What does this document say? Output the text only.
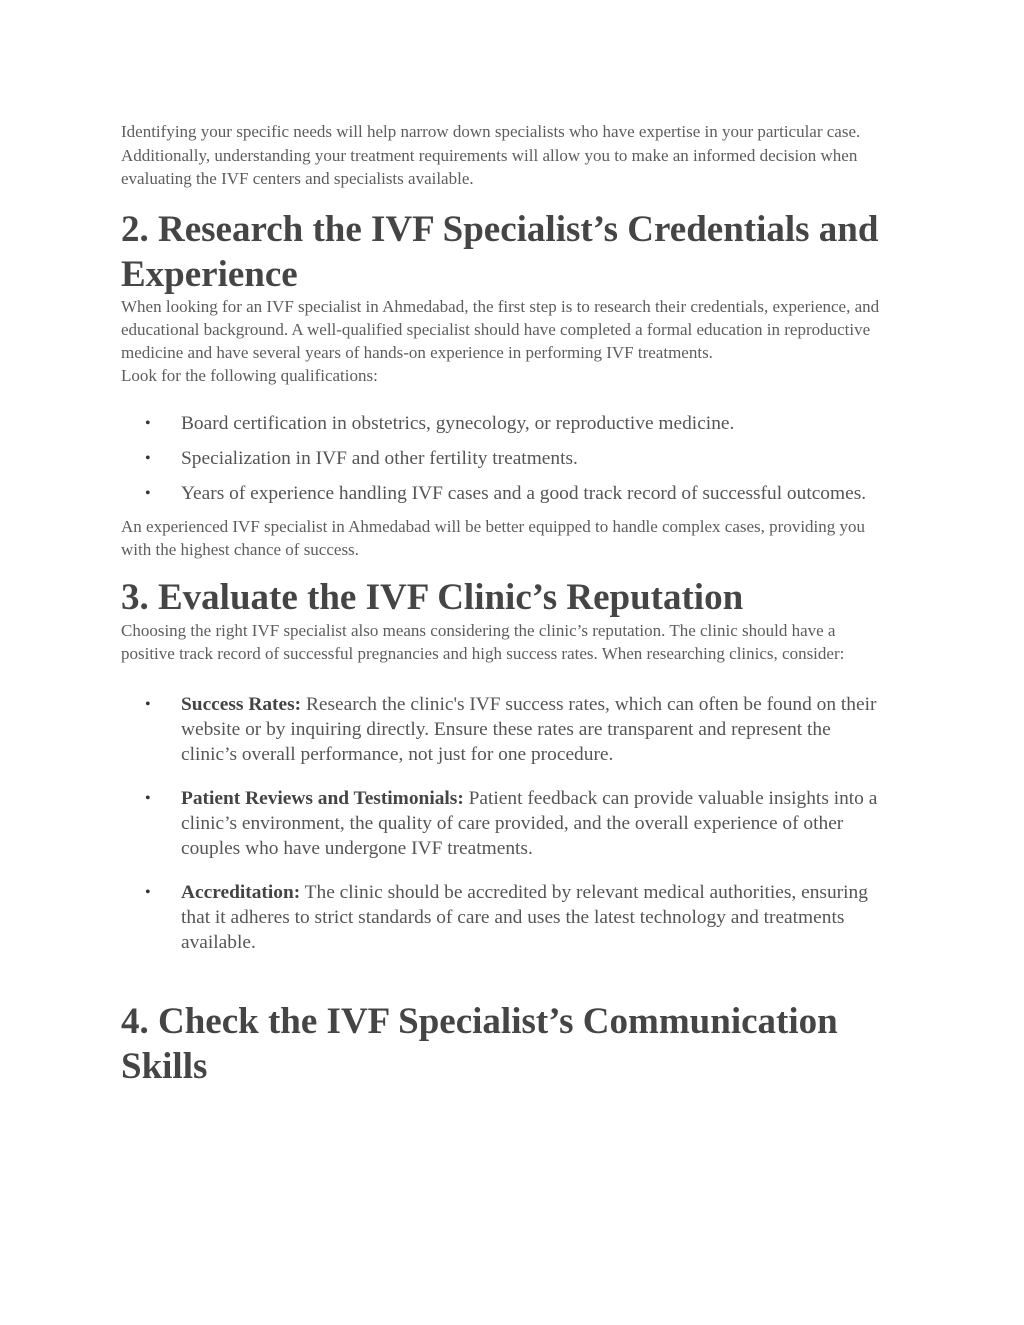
Identifying your specific needs will help narrow down specialists who have expertise in your particular case. Additionally, understanding your treatment requirements will allow you to make an informed decision when evaluating the IVF centers and specialists available.

2. Research the IVF Specialist’s Credentials and Experience

When looking for an IVF specialist in Ahmedabad, the first step is to research their credentials, experience, and educational background. A well-qualified specialist should have completed a formal education in reproductive medicine and have several years of hands-on experience in performing IVF treatments.

Look for the following qualifications:

• Board certification in obstetrics, gynecology, or reproductive medicine.
• Specialization in IVF and other fertility treatments.
• Years of experience handling IVF cases and a good track record of successful outcomes.

An experienced IVF specialist in Ahmedabad will be better equipped to handle complex cases, providing you with the highest chance of success.

3. Evaluate the IVF Clinic’s Reputation

Choosing the right IVF specialist also means considering the clinic’s reputation. The clinic should have a positive track record of successful pregnancies and high success rates. When researching clinics, consider:

• Success Rates: Research the clinic's IVF success rates, which can often be found on their website or by inquiring directly. Ensure these rates are transparent and represent the clinic’s overall performance, not just for one procedure.
• Patient Reviews and Testimonials: Patient feedback can provide valuable insights into a clinic’s environment, the quality of care provided, and the overall experience of other couples who have undergone IVF treatments.
• Accreditation: The clinic should be accredited by relevant medical authorities, ensuring that it adheres to strict standards of care and uses the latest technology and treatments available.
4. Check the IVF Specialist’s Communication Skills
